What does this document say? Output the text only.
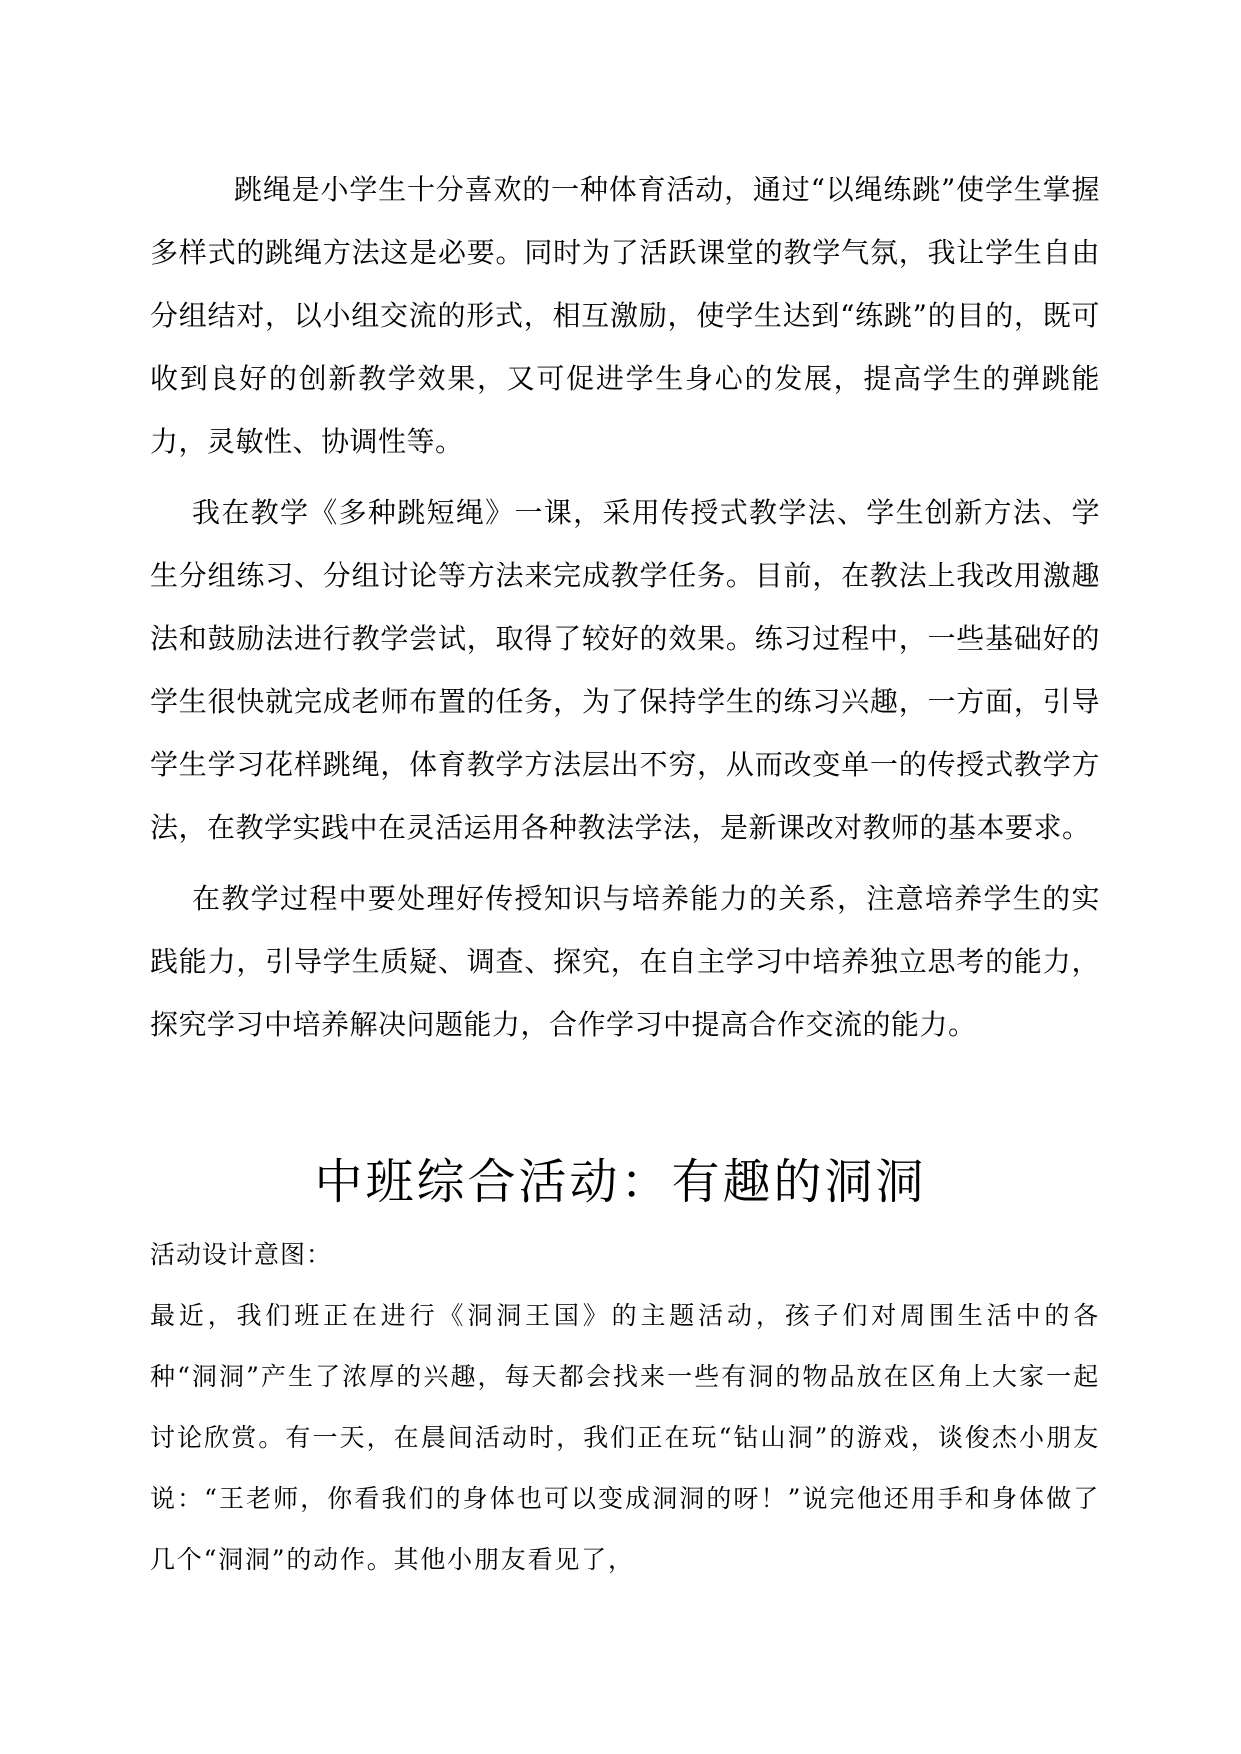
跳绳是小学生十分喜欢的一种体育活动，通过“以绳练跳”使学生掌握多样式的跳绳方法这是必要。同时为了活跃课堂的教学气氛，我让学生自由分组结对，以小组交流的形式，相互激励，使学生达到“练跳”的目的，既可收到良好的创新教学效果，又可促进学生身心的发展，提高学生的弹跳能力，灵敏性、协调性等。

我在教学《多种跳短绳》一课，采用传授式教学法、学生创新方法、学生分组练习、分组讨论等方法来完成教学任务。目前，在教法上我改用激趣法和鼓励法进行教学尝试，取得了较好的效果。练习过程中，一些基础好的学生很快就完成老师布置的任务，为了保持学生的练习兴趣，一方面，引导学生学习花样跳绳，体育教学方法层出不穷，从而改变单一的传授式教学方法，在教学实践中在灵活运用各种教法学法，是新课改对教师的基本要求。

在教学过程中要处理好传授知识与培养能力的关系，注意培养学生的实践能力，引导学生质疑、调查、探究，在自主学习中培养独立思考的能力，探究学习中培养解决问题能力，合作学习中提高合作交流的能力。

中班综合活动：有趣的洞洞

活动设计意图：

最近，我们班正在进行《洞洞王国》的主题活动，孩子们对周围生活中的各种“洞洞”产生了浓厚的兴趣，每天都会找来一些有洞的物品放在区角上大家一起讨论欣赏。有一天，在晨间活动时，我们正在玩“钻山洞”的游戏，谈俊杰小朋友说：“王老师，你看我们的身体也可以变成洞洞的呀！”说完他还用手和身体做了几个“洞洞”的动作。其他小朋友看见了，
